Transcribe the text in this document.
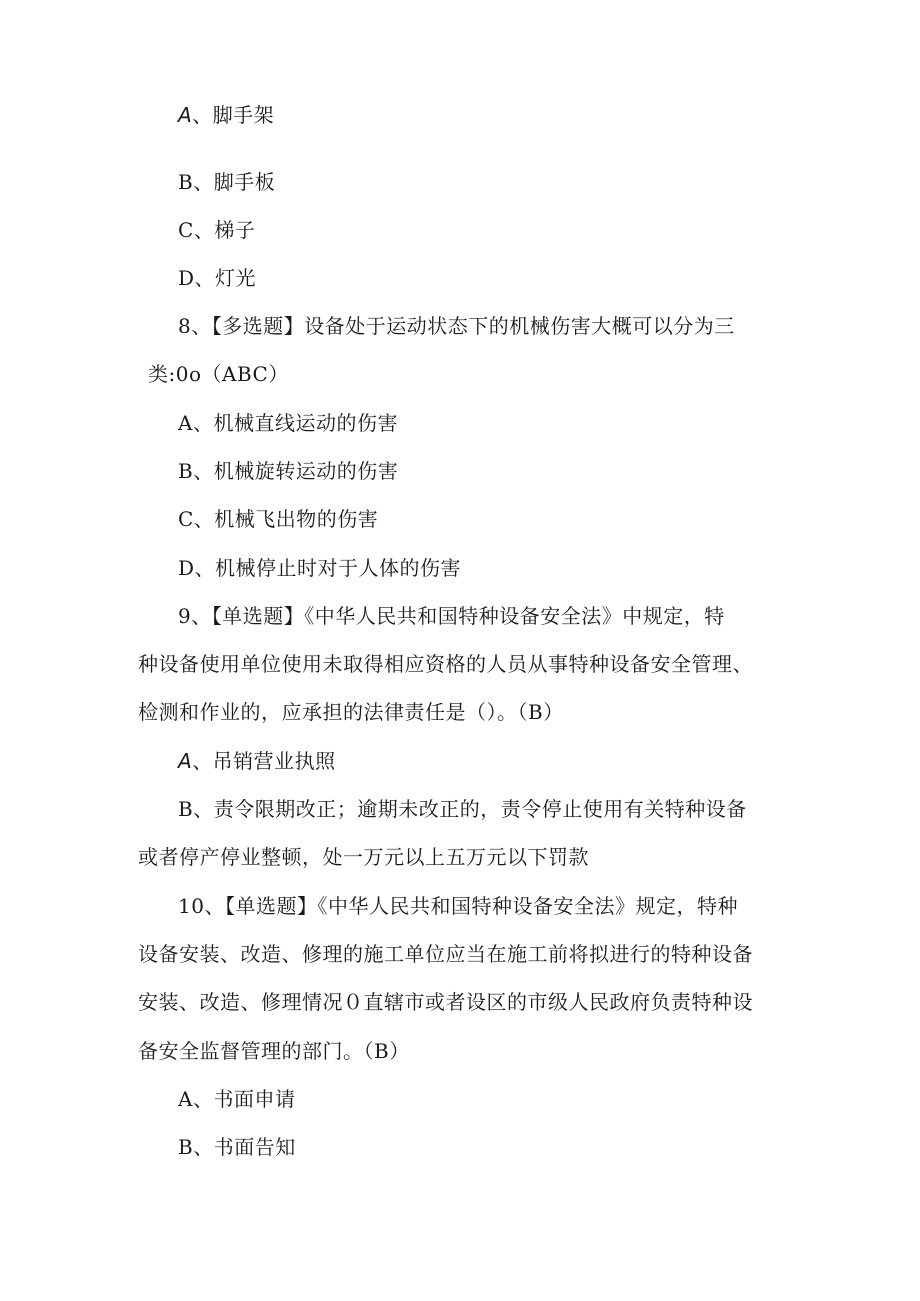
A、脚手架
B、脚手板
C、梯子
D、灯光
8、【多选题】设备处于运动状态下的机械伤害大概可以分为三
类:0o（ABC）
A、机械直线运动的伤害
B、机械旋转运动的伤害
C、机械飞出物的伤害
D、机械停止时对于人体的伤害
9、【单选题】《中华人民共和国特种设备安全法》中规定，特
种设备使用单位使用未取得相应资格的人员从事特种设备安全管理、
检测和作业的，应承担的法律责任是（）。（B）
A、吊销营业执照
B、责令限期改正；逾期未改正的，责令停止使用有关特种设备
或者停产停业整顿，处一万元以上五万元以下罚款
10、【单选题】《中华人民共和国特种设备安全法》规定，特种
设备安装、改造、修理的施工单位应当在施工前将拟进行的特种设备
安装、改造、修理情况０直辖市或者设区的市级人民政府负责特种设
备安全监督管理的部门。（B）
A、书面申请
B、书面告知
